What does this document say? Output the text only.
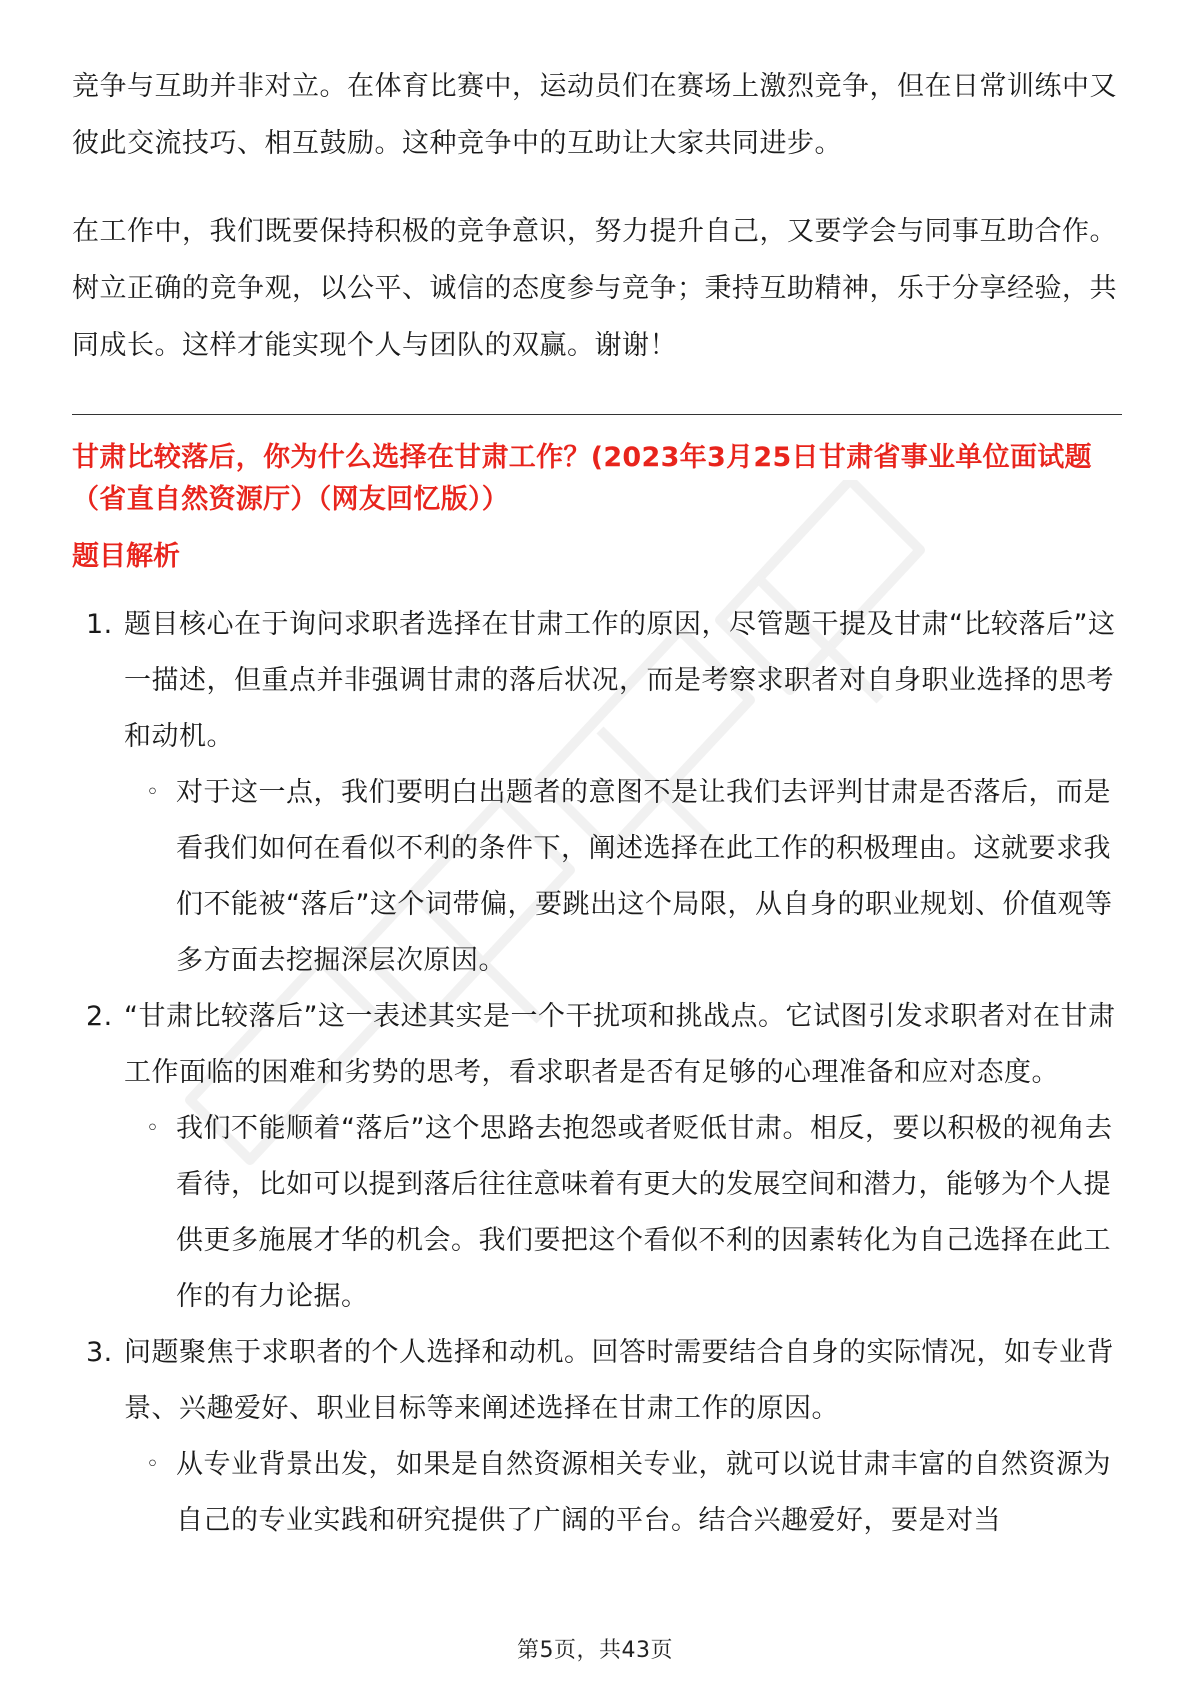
竞争与互助并非对立。在体育比赛中，运动员们在赛场上激烈竞争，但在日常训练中又彼此交流技巧、相互鼓励。这种竞争中的互助让大家共同进步。

在工作中，我们既要保持积极的竞争意识，努力提升自己，又要学会与同事互助合作。树立正确的竞争观，以公平、诚信的态度参与竞争；秉持互助精神，乐于分享经验，共同成长。这样才能实现个人与团队的双赢。谢谢！

甘肃比较落后，你为什么选择在甘肃工作？(2023年3月25日甘肃省事业单位面试题（省直自然资源厅）（网友回忆版））
题目解析
1. 题目核心在于询问求职者选择在甘肃工作的原因，尽管题干提及甘肃“比较落后”这一描述，但重点并非强调甘肃的落后状况，而是考察求职者对自身职业选择的思考和动机。
◦ 对于这一点，我们要明白出题者的意图不是让我们去评判甘肃是否落后，而是看我们如何在看似不利的条件下，阐述选择在此工作的积极理由。这就要求我们不能被“落后”这个词带偏，要跳出这个局限，从自身的职业规划、价值观等多方面去挖掘深层次原因。
2. “甘肃比较落后”这一表述其实是一个干扰项和挑战点。它试图引发求职者对在甘肃工作面临的困难和劣势的思考，看求职者是否有足够的心理准备和应对态度。
◦ 我们不能顺着“落后”这个思路去抱怨或者贬低甘肃。相反，要以积极的视角去看待，比如可以提到落后往往意味着有更大的发展空间和潜力，能够为个人提供更多施展才华的机会。我们要把这个看似不利的因素转化为自己选择在此工作的有力论据。
3. 问题聚焦于求职者的个人选择和动机。回答时需要结合自身的实际情况，如专业背景、兴趣爱好、职业目标等来阐述选择在甘肃工作的原因。
◦ 从专业背景出发，如果是自然资源相关专业，就可以说甘肃丰富的自然资源为自己的专业实践和研究提供了广阔的平台。结合兴趣爱好，要是对当
第5页，共43页
